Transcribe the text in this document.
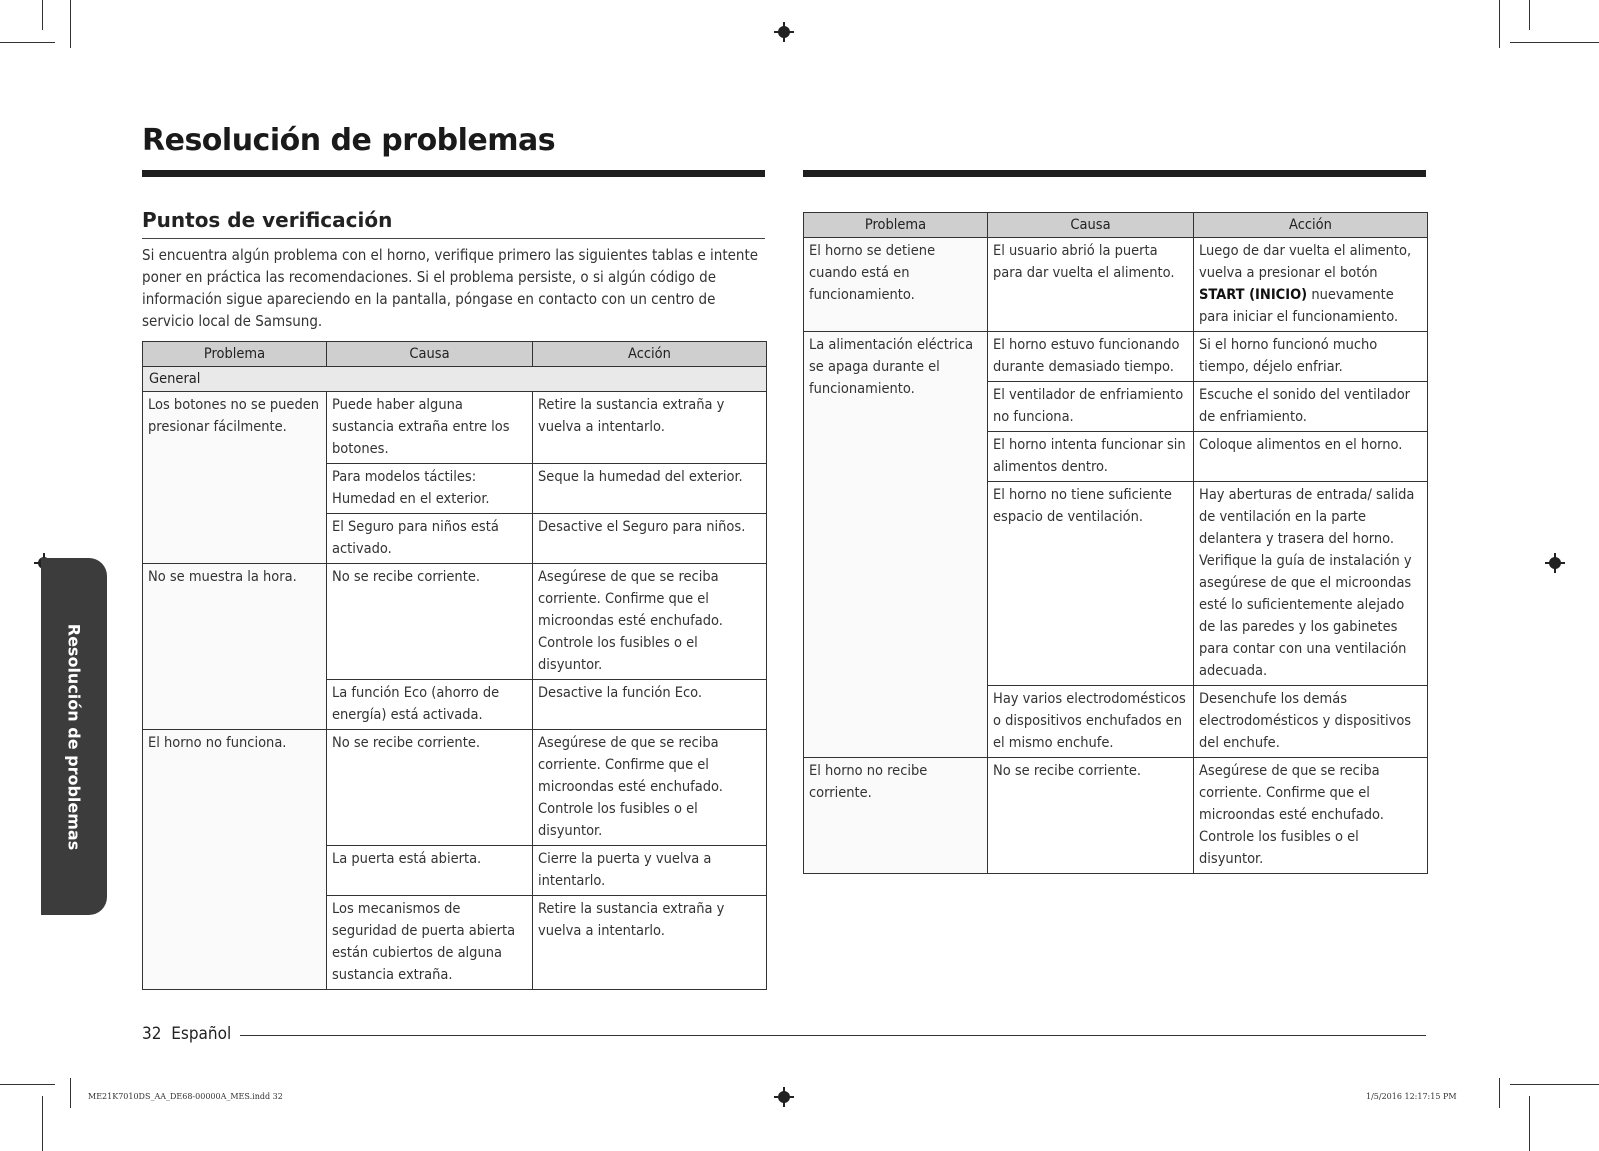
Resolución de problemas
Puntos de verificación
Si encuentra algún problema con el horno, verifique primero las siguientes tablas e intente poner en práctica las recomendaciones. Si el problema persiste, o si algún código de información sigue apareciendo en la pantalla, póngase en contacto con un centro de servicio local de Samsung.
Problema	Causa	Acción
General		
Los botones no se pueden presionar fácilmente.	Puede haber alguna sustancia extraña entre los botones.	Retire la sustancia extraña y vuelva a intentarlo.
	Para modelos táctiles: Humedad en el exterior.	Seque la humedad del exterior.
	El Seguro para niños está activado.	Desactive el Seguro para niños.
No se muestra la hora.	No se recibe corriente.	Asegúrese de que se reciba corriente. Confirme que el microondas esté enchufado. Controle los fusibles o el disyuntor.
	La función Eco (ahorro de energía) está activada.	Desactive la función Eco.
El horno no funciona.	No se recibe corriente.	Asegúrese de que se reciba corriente. Confirme que el microondas esté enchufado. Controle los fusibles o el disyuntor.
	La puerta está abierta.	Cierre la puerta y vuelva a intentarlo.
	Los mecanismos de seguridad de puerta abierta están cubiertos de alguna sustancia extraña.	Retire la sustancia extraña y vuelva a intentarlo.
Problema	Causa	Acción
El horno se detiene cuando está en funcionamiento.	El usuario abrió la puerta para dar vuelta el alimento.	Luego de dar vuelta el alimento, vuelva a presionar el botón START (INICIO) nuevamente para iniciar el funcionamiento.
La alimentación eléctrica se apaga durante el funcionamiento.	El horno estuvo funcionando durante demasiado tiempo.	Si el horno funcionó mucho tiempo, déjelo enfriar.
	El ventilador de enfriamiento no funciona.	Escuche el sonido del ventilador de enfriamiento.
	El horno intenta funcionar sin alimentos dentro.	Coloque alimentos en el horno.
	El horno no tiene suficiente espacio de ventilación.	Hay aberturas de entrada/ salida de ventilación en la parte delantera y trasera del horno. Verifique la guía de instalación y asegúrese de que el microondas esté lo suficientemente alejado de las paredes y los gabinetes para contar con una ventilación adecuada.
	Hay varios electrodomésticos o dispositivos enchufados en el mismo enchufe.	Desenchufe los demás electrodomésticos y dispositivos del enchufe.
El horno no recibe corriente.	No se recibe corriente.	Asegúrese de que se reciba corriente. Confirme que el microondas esté enchufado. Controle los fusibles o el disyuntor.
Resolución de problemas
32 Español
ME21K7010DS_AA_DE68-00000A_MES.indd 32	1/5/2016 12:17:15 PM
